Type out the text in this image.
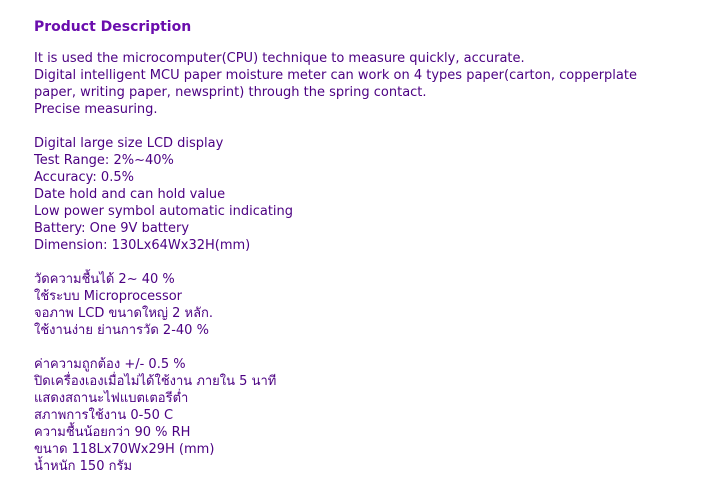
Product Description

It is used the microcomputer(CPU) technique to measure quickly, accurate.

Digital intelligent MCU paper moisture meter can work on 4 types paper(carton, copperplate

paper, writing paper, newsprint) through the spring contact.

Precise measuring.

Digital large size LCD display

Test Range: 2%~40%

Accuracy: 0.5%

Date hold and can hold value

Low power symbol automatic indicating

Battery: One 9V battery

Dimension: 130Lx64Wx32H(mm)

วัดความชื้นได้ 2~ 40 %

ใช้ระบบ Microprocessor

จอภาพ LCD ขนาดใหญ่ 2 หลัก.

ใช้งานง่าย ย่านการวัด 2-40 %

ค่าความถูกต้อง +/- 0.5 %

ปิดเครื่องเองเมื่อไม่ได้ใช้งาน ภายใน 5 นาที

แสดงสถานะไฟแบตเตอรีต่ำ

สภาพการใช้งาน 0-50 C

ความชื้นน้อยกว่า 90 % RH

ขนาด 118Lx70Wx29H (mm)

น้ำหนัก 150 กรัม
